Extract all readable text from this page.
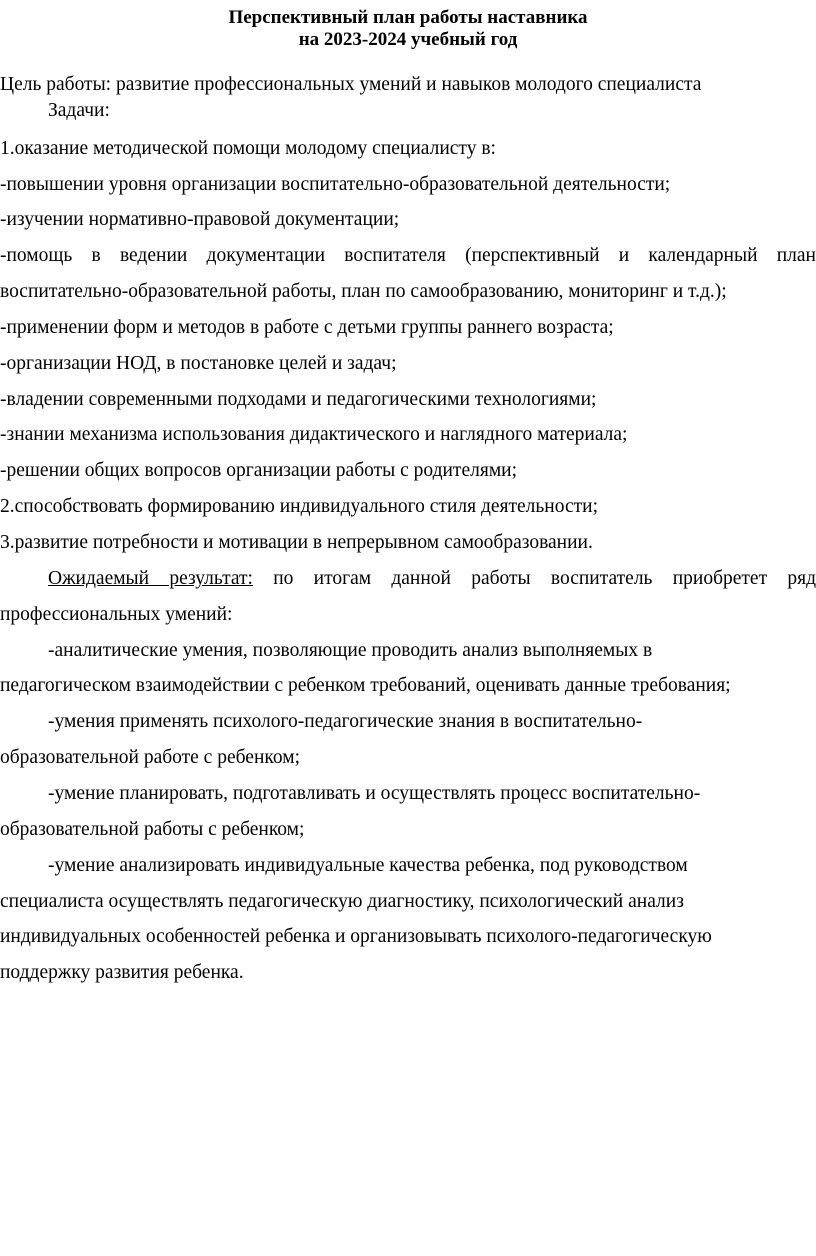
Перспективный план работы наставника

на 2023-2024 учебный год

Цель работы: развитие профессиональных умений и навыков молодого специалиста

Задачи:

1.оказание методической помощи молодому специалисту в:

-повышении уровня организации воспитательно-образовательной деятельности;

-изучении нормативно-правовой документации;

-помощь в ведении документации воспитателя (перспективный и календарный план

воспитательно-образовательной работы, план по самообразованию, мониторинг и т.д.);

-применении форм и методов в работе с детьми группы раннего возраста;

-организации НОД, в постановке целей и задач;

-владении современными подходами и педагогическими технологиями;

-знании механизма использования дидактического и наглядного материала;

-решении общих вопросов организации работы с родителями;

2.способствовать формированию индивидуального стиля деятельности;

3.развитие потребности и мотивации в непрерывном самообразовании.

Ожидаемый результат: по итогам данной работы воспитатель приобретет ряд

профессиональных умений:

-аналитические умения, позволяющие проводить анализ выполняемых в

педагогическом взаимодействии с ребенком требований, оценивать данные требования;

-умения применять психолого-педагогические знания в воспитательно-

образовательной работе с ребенком;

-умение планировать, подготавливать и осуществлять процесс воспитательно-

образовательной работы с ребенком;

-умение анализировать индивидуальные качества ребенка, под руководством

специалиста осуществлять педагогическую диагностику, психологический анализ

индивидуальных особенностей ребенка и организовывать психолого-педагогическую

поддержку развития ребенка.
